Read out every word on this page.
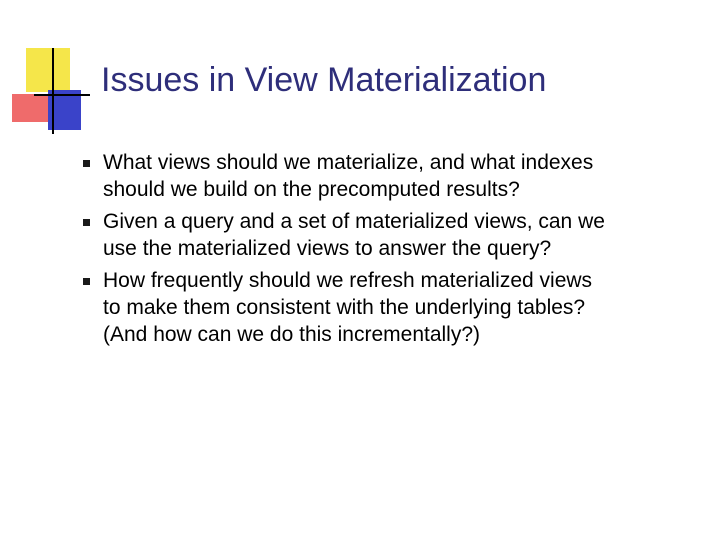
Issues in View Materialization
What views should we materialize, and what indexes
should we build on the precomputed results?
Given a query and a set of materialized views, can we
use the materialized views to answer the query?
How frequently should we refresh materialized views
to make them consistent with the underlying tables?
(And how can we do this incrementally?)
